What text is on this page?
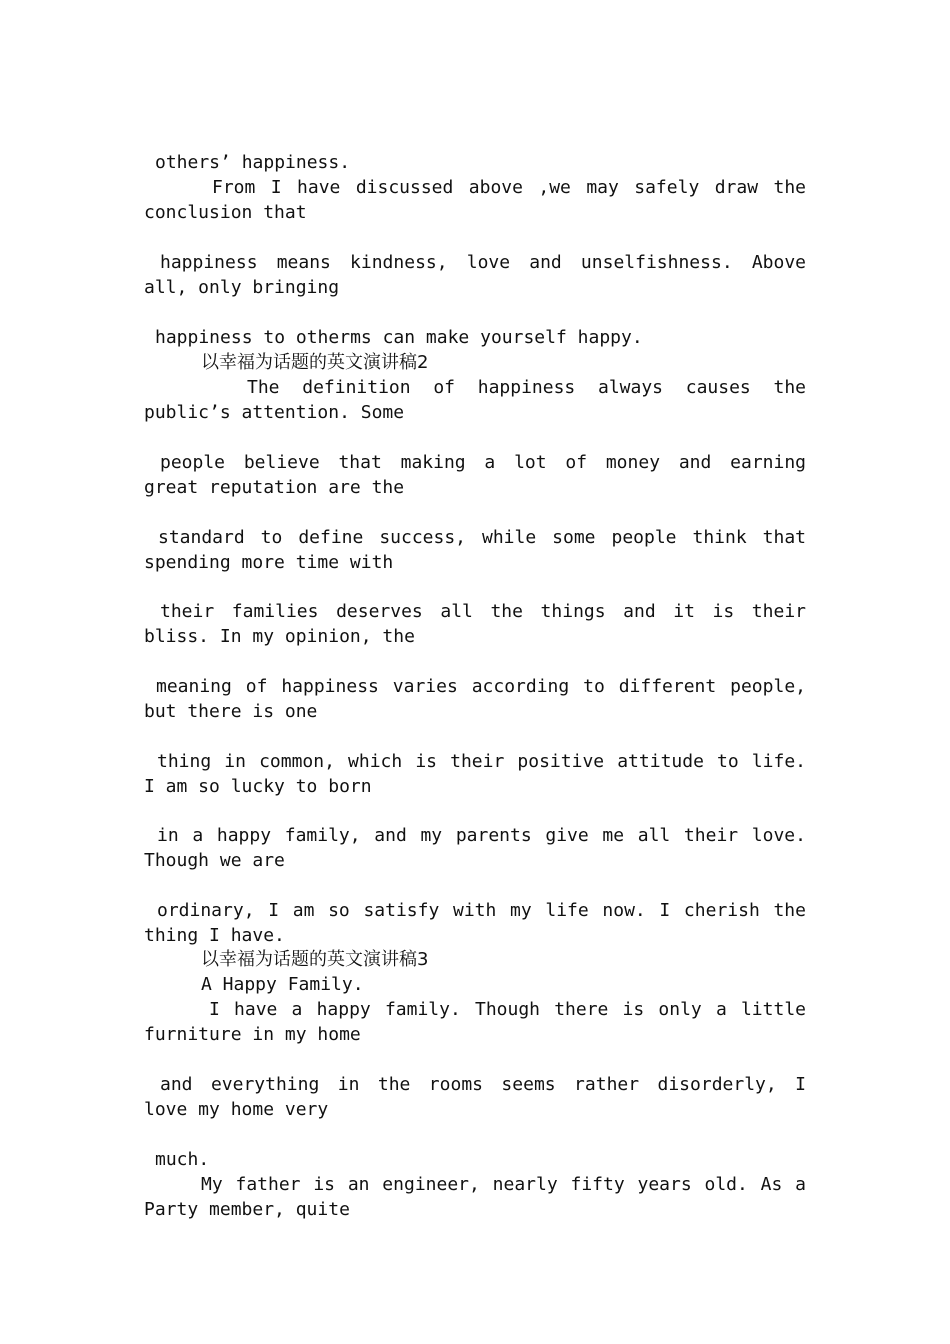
others’ happiness.
From I have discussed above ,we may safely draw the
conclusion that
happiness means kindness, love and unselfishness. Above
all, only bringing
happiness to otherms can make yourself happy.
以幸福为话题的英文演讲稿2
The definition of happiness always causes the
public’s attention. Some
people believe that making a lot of money and earning
great reputation are the
standard to define success, while some people think that
spending more time with
their families deserves all the things and it is their
bliss. In my opinion, the
meaning of happiness varies according to different people,
but there is one
thing in common, which is their positive attitude to life.
I am so lucky to born
in a happy family, and my parents give me all their love.
Though we are
ordinary, I am so satisfy with my life now. I cherish the
thing I have.
以幸福为话题的英文演讲稿3
A Happy Family.
I have a happy family. Though there is only a little
furniture in my home
and everything in the rooms seems rather disorderly, I
love my home very
much.
My father is an engineer, nearly fifty years old. As a
Party member, quite
